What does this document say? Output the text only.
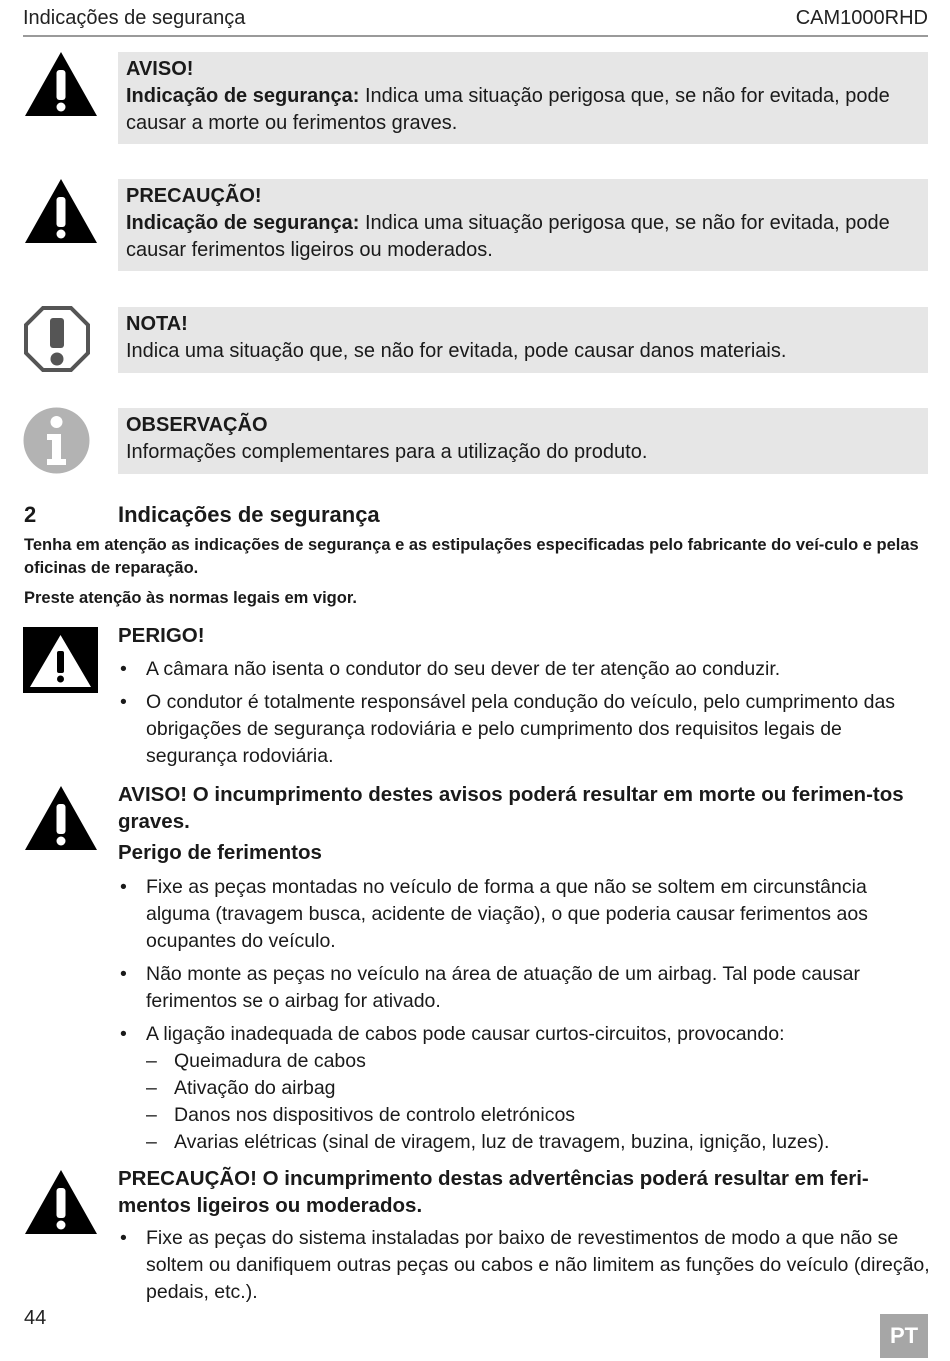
Indicações de segurança	CAM1000RHD
AVISO!
Indicação de segurança: Indica uma situação perigosa que, se não for evitada, pode causar a morte ou ferimentos graves.
PRECAUÇÃO!
Indicação de segurança: Indica uma situação perigosa que, se não for evitada, pode causar ferimentos ligeiros ou moderados.
NOTA!
Indica uma situação que, se não for evitada, pode causar danos materiais.
OBSERVAÇÃO
Informações complementares para a utilização do produto.
2	Indicações de segurança
Tenha em atenção as indicações de segurança e as estipulações especificadas pelo fabricante do veí-culo e pelas oficinas de reparação.
Preste atenção às normas legais em vigor.
PERIGO!
• A câmara não isenta o condutor do seu dever de ter atenção ao conduzir.
• O condutor é totalmente responsável pela condução do veículo, pelo cumprimento das obrigações de segurança rodoviária e pelo cumprimento dos requisitos legais de segurança rodoviária.
AVISO! O incumprimento destes avisos poderá resultar em morte ou ferimen-tos graves.
Perigo de ferimentos
• Fixe as peças montadas no veículo de forma a que não se soltem em circunstância alguma (travagem busca, acidente de viação), o que poderia causar ferimentos aos ocupantes do veículo.
• Não monte as peças no veículo na área de atuação de um airbag. Tal pode causar ferimentos se o airbag for ativado.
• A ligação inadequada de cabos pode causar curtos-circuitos, provocando:
– Queimadura de cabos
– Ativação do airbag
– Danos nos dispositivos de controlo eletrónicos
– Avarias elétricas (sinal de viragem, luz de travagem, buzina, ignição, luzes).
PRECAUÇÃO! O incumprimento destas advertências poderá resultar em feri-mentos ligeiros ou moderados.
• Fixe as peças do sistema instaladas por baixo de revestimentos de modo a que não se soltem ou danifiquem outras peças ou cabos e não limitem as funções do veículo (direção, pedais, etc.).
44
PT
